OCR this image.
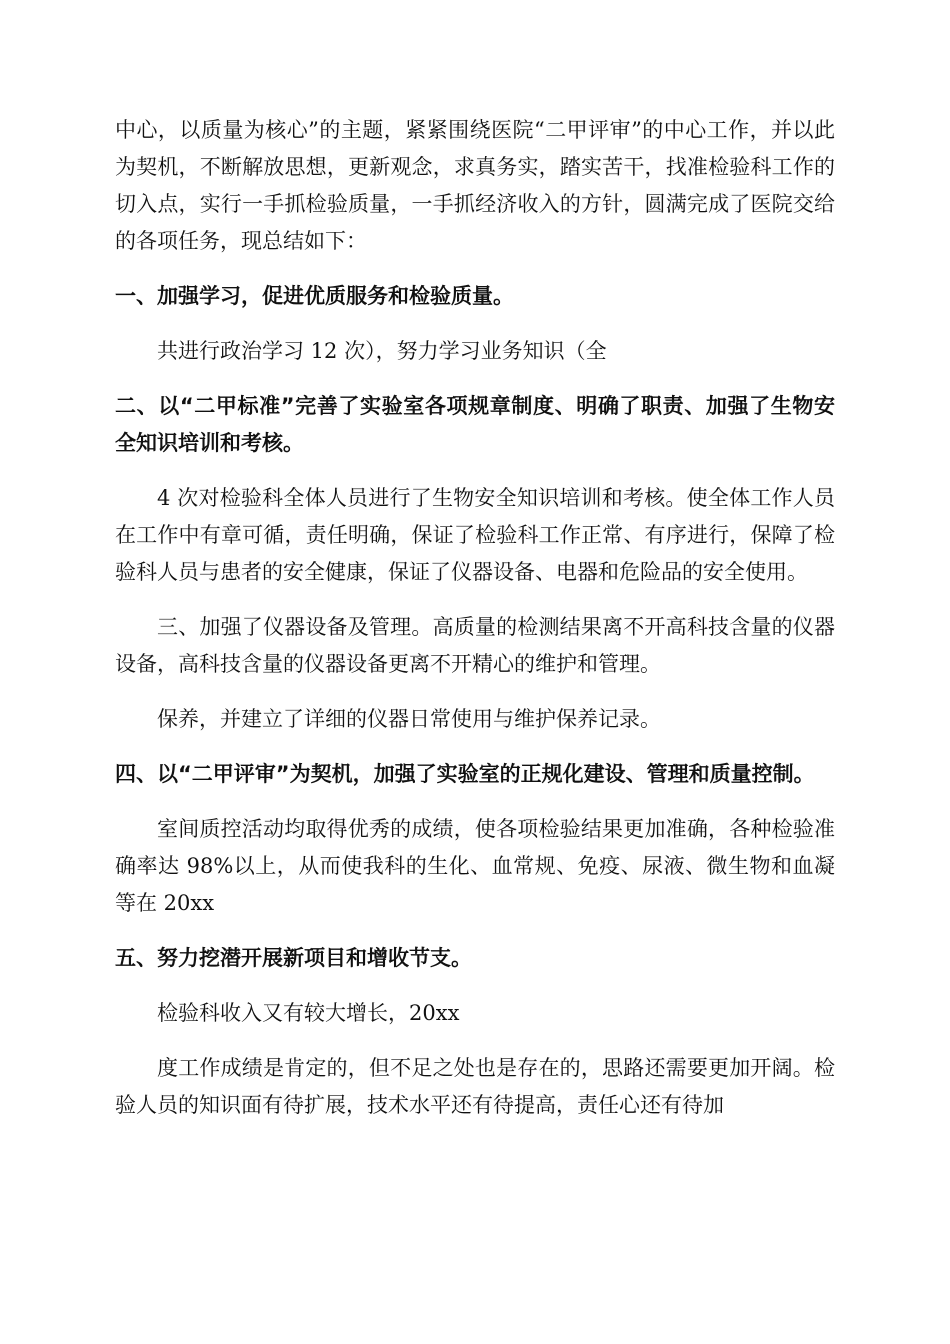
中心，以质量为核心”的主题，紧紧围绕医院“二甲评审”的中心工作，并以此为契机，不断解放思想，更新观念，求真务实，踏实苦干，找准检验科工作的切入点，实行一手抓检验质量，一手抓经济收入的方针，圆满完成了医院交给的各项任务，现总结如下：

一、加强学习，促进优质服务和检验质量。

共进行政治学习 12 次），努力学习业务知识（全

二、以“二甲标准”完善了实验室各项规章制度、明确了职责、加强了生物安全知识培训和考核。

4 次对检验科全体人员进行了生物安全知识培训和考核。使全体工作人员在工作中有章可循，责任明确，保证了检验科工作正常、有序进行，保障了检验科人员与患者的安全健康，保证了仪器设备、电器和危险品的安全使用。

三、加强了仪器设备及管理。高质量的检测结果离不开高科技含量的仪器设备，高科技含量的仪器设备更离不开精心的维护和管理。

保养，并建立了详细的仪器日常使用与维护保养记录。

四、以“二甲评审”为契机，加强了实验室的正规化建设、管理和质量控制。

室间质控活动均取得优秀的成绩，使各项检验结果更加准确，各种检验准确率达 98%以上，从而使我科的生化、血常规、免疫、尿液、微生物和血凝等在 20xx

五、努力挖潜开展新项目和增收节支。

检验科收入又有较大增长，20xx

度工作成绩是肯定的，但不足之处也是存在的，思路还需要更加开阔。检验人员的知识面有待扩展，技术水平还有待提高，责任心还有待加
